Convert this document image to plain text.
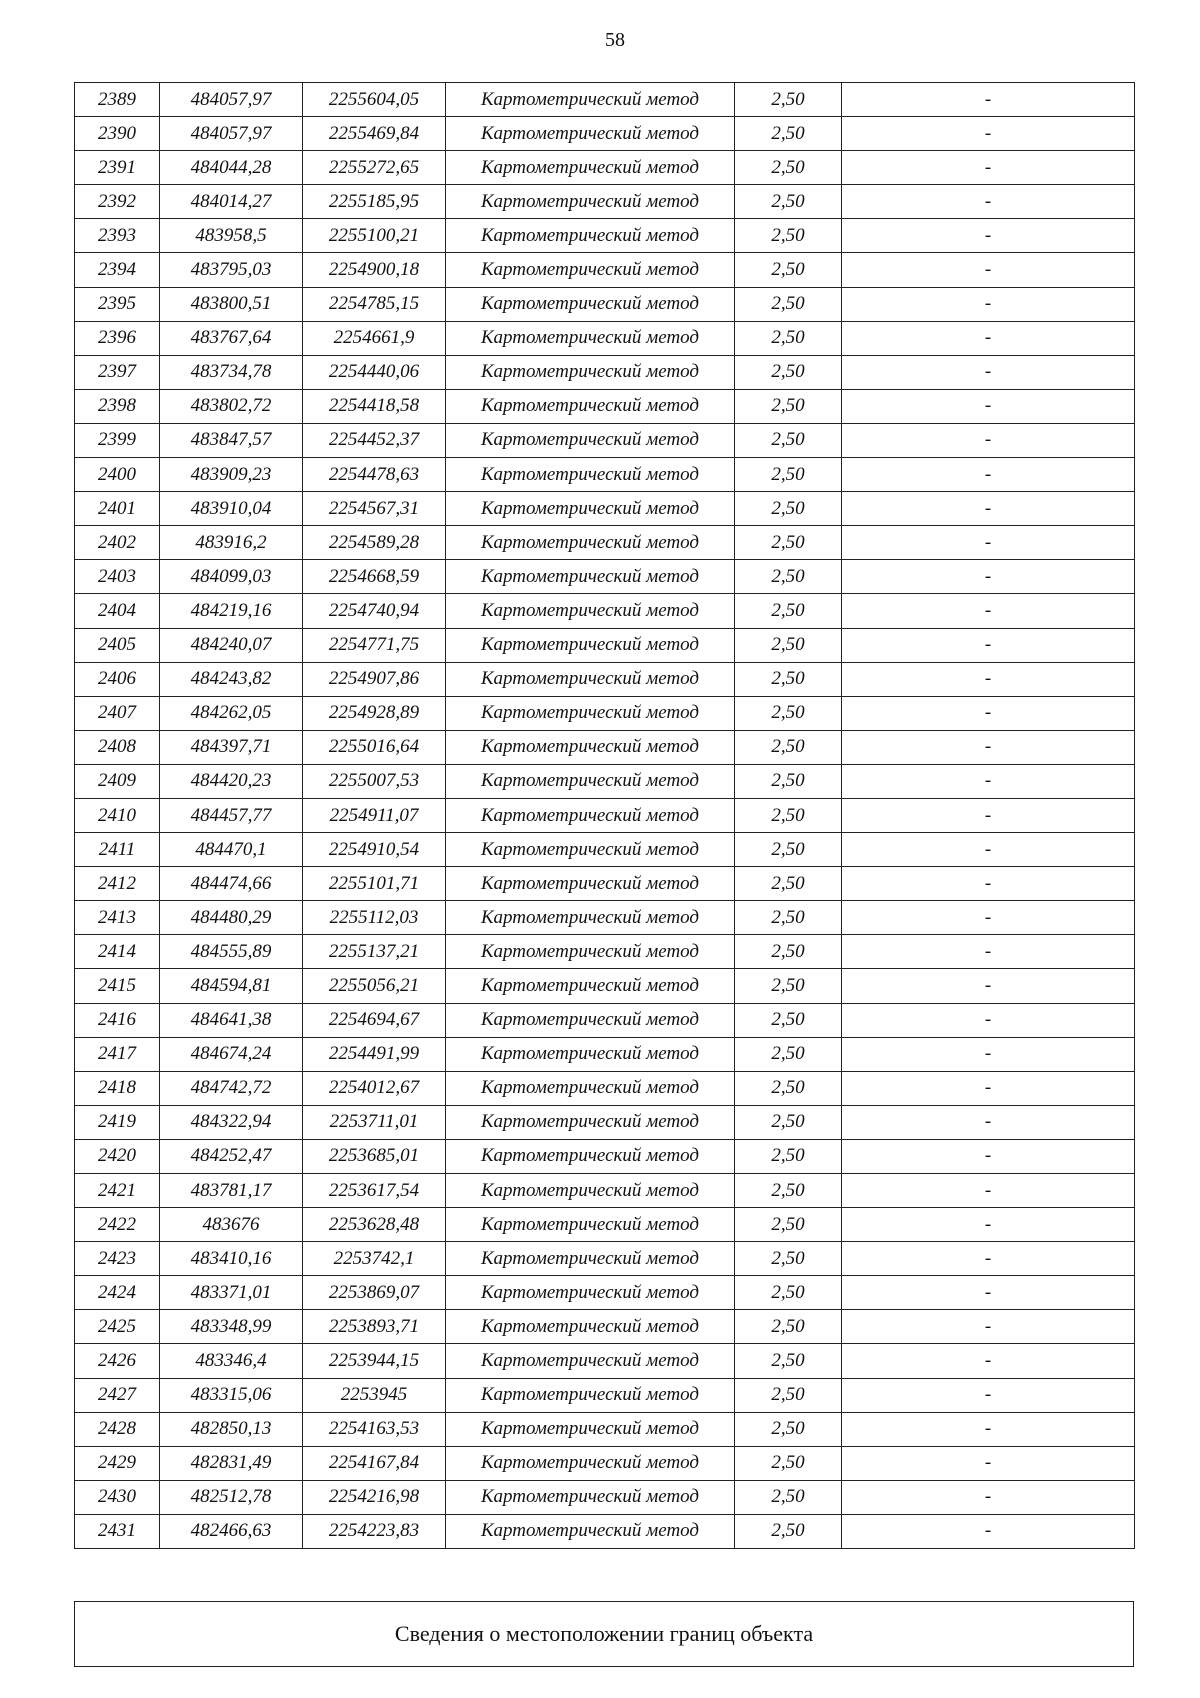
58
2389	484057,97	2255604,05	Картометрический метод	2,50	-
2390	484057,97	2255469,84	Картометрический метод	2,50	-
2391	484044,28	2255272,65	Картометрический метод	2,50	-
2392	484014,27	2255185,95	Картометрический метод	2,50	-
2393	483958,5	2255100,21	Картометрический метод	2,50	-
2394	483795,03	2254900,18	Картометрический метод	2,50	-
2395	483800,51	2254785,15	Картометрический метод	2,50	-
2396	483767,64	2254661,9	Картометрический метод	2,50	-
2397	483734,78	2254440,06	Картометрический метод	2,50	-
2398	483802,72	2254418,58	Картометрический метод	2,50	-
2399	483847,57	2254452,37	Картометрический метод	2,50	-
2400	483909,23	2254478,63	Картометрический метод	2,50	-
2401	483910,04	2254567,31	Картометрический метод	2,50	-
2402	483916,2	2254589,28	Картометрический метод	2,50	-
2403	484099,03	2254668,59	Картометрический метод	2,50	-
2404	484219,16	2254740,94	Картометрический метод	2,50	-
2405	484240,07	2254771,75	Картометрический метод	2,50	-
2406	484243,82	2254907,86	Картометрический метод	2,50	-
2407	484262,05	2254928,89	Картометрический метод	2,50	-
2408	484397,71	2255016,64	Картометрический метод	2,50	-
2409	484420,23	2255007,53	Картометрический метод	2,50	-
2410	484457,77	2254911,07	Картометрический метод	2,50	-
2411	484470,1	2254910,54	Картометрический метод	2,50	-
2412	484474,66	2255101,71	Картометрический метод	2,50	-
2413	484480,29	2255112,03	Картометрический метод	2,50	-
2414	484555,89	2255137,21	Картометрический метод	2,50	-
2415	484594,81	2255056,21	Картометрический метод	2,50	-
2416	484641,38	2254694,67	Картометрический метод	2,50	-
2417	484674,24	2254491,99	Картометрический метод	2,50	-
2418	484742,72	2254012,67	Картометрический метод	2,50	-
2419	484322,94	2253711,01	Картометрический метод	2,50	-
2420	484252,47	2253685,01	Картометрический метод	2,50	-
2421	483781,17	2253617,54	Картометрический метод	2,50	-
2422	483676	2253628,48	Картометрический метод	2,50	-
2423	483410,16	2253742,1	Картометрический метод	2,50	-
2424	483371,01	2253869,07	Картометрический метод	2,50	-
2425	483348,99	2253893,71	Картометрический метод	2,50	-
2426	483346,4	2253944,15	Картометрический метод	2,50	-
2427	483315,06	2253945	Картометрический метод	2,50	-
2428	482850,13	2254163,53	Картометрический метод	2,50	-
2429	482831,49	2254167,84	Картометрический метод	2,50	-
2430	482512,78	2254216,98	Картометрический метод	2,50	-
2431	482466,63	2254223,83	Картометрический метод	2,50	-
Сведения о местоположении границ объекта
